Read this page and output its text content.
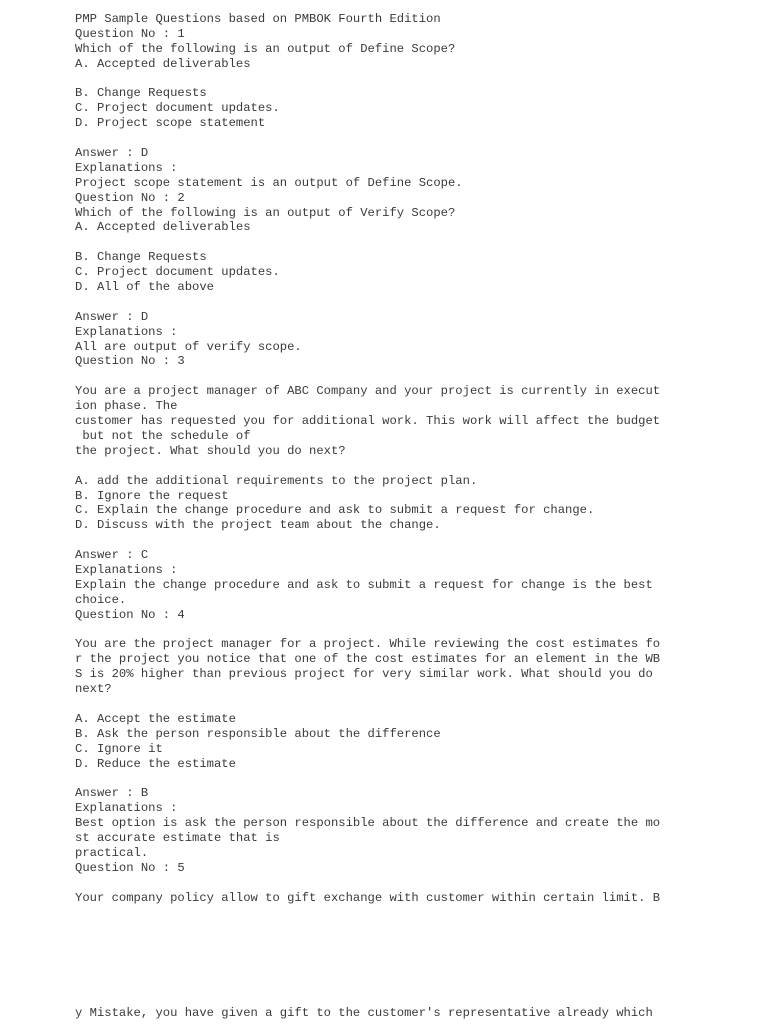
PMP Sample Questions based on PMBOK Fourth Edition
Question No : 1
Which of the following is an output of Define Scope?
A. Accepted deliverables
B. Change Requests
C. Project document updates.
D. Project scope statement
Answer : D
Explanations :
Project scope statement is an output of Define Scope.
Question No : 2
Which of the following is an output of Verify Scope?
A. Accepted deliverables
B. Change Requests
C. Project document updates.
D. All of the above
Answer : D
Explanations :
All are output of verify scope.
Question No : 3
You are a project manager of ABC Company and your project is currently in execut
ion phase. The
customer has requested you for additional work. This work will affect the budget
but not the schedule of
the project. What should you do next?
A. add the additional requirements to the project plan.
B. Ignore the request
C. Explain the change procedure and ask to submit a request for change.
D. Discuss with the project team about the change.
Answer : C
Explanations :
Explain the change procedure and ask to submit a request for change is the best
choice.
Question No : 4
You are the project manager for a project. While reviewing the cost estimates fo
r the project you notice that one of the cost estimates for an element in the WB
S is 20% higher than previous project for very similar work. What should you do
next?
A. Accept the estimate
B. Ask the person responsible about the difference
C. Ignore it
D. Reduce the estimate
Answer : B
Explanations :
Best option is ask the person responsible about the difference and create the mo
st accurate estimate that is
practical.
Question No : 5
Your company policy allow to gift exchange with customer within certain limit. B
y Mistake, you have given a gift to the customer's representative already which
